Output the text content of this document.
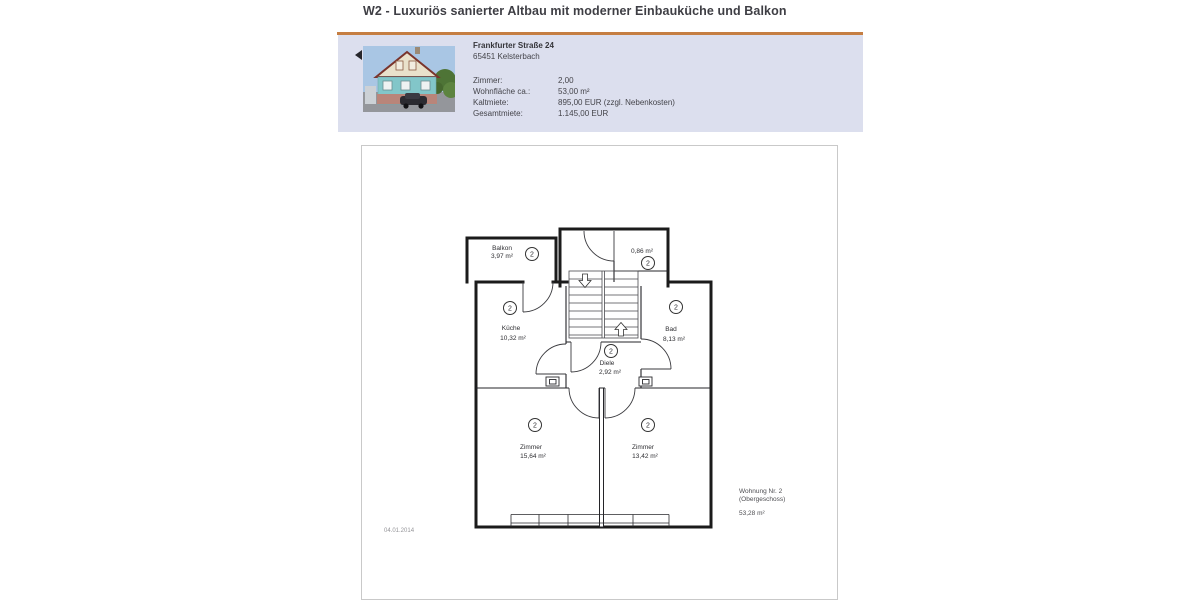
W2 - Luxuriös sanierter Altbau mit moderner Einbauküche und Balkon
Frankfurter Straße 24
65451 Kelsterbach
Zimmer:	2,00
Wohnfläche ca.:	53,00 m²
Kaltmiete:	895,00 EUR (zzgl. Nebenkosten)
Gesamtmiete:	1.145,00 EUR
Balkon
3,97 m²
0,86 m²
Küche
10,32 m²
Bad
8,13 m²
Diele
2,92 m²
Zimmer
15,64 m²
Zimmer
13,42 m²
2
2
2	2
2
2	2
Wohnung Nr. 2
(Obergeschoss)
53,28 m²
04.01.2014
